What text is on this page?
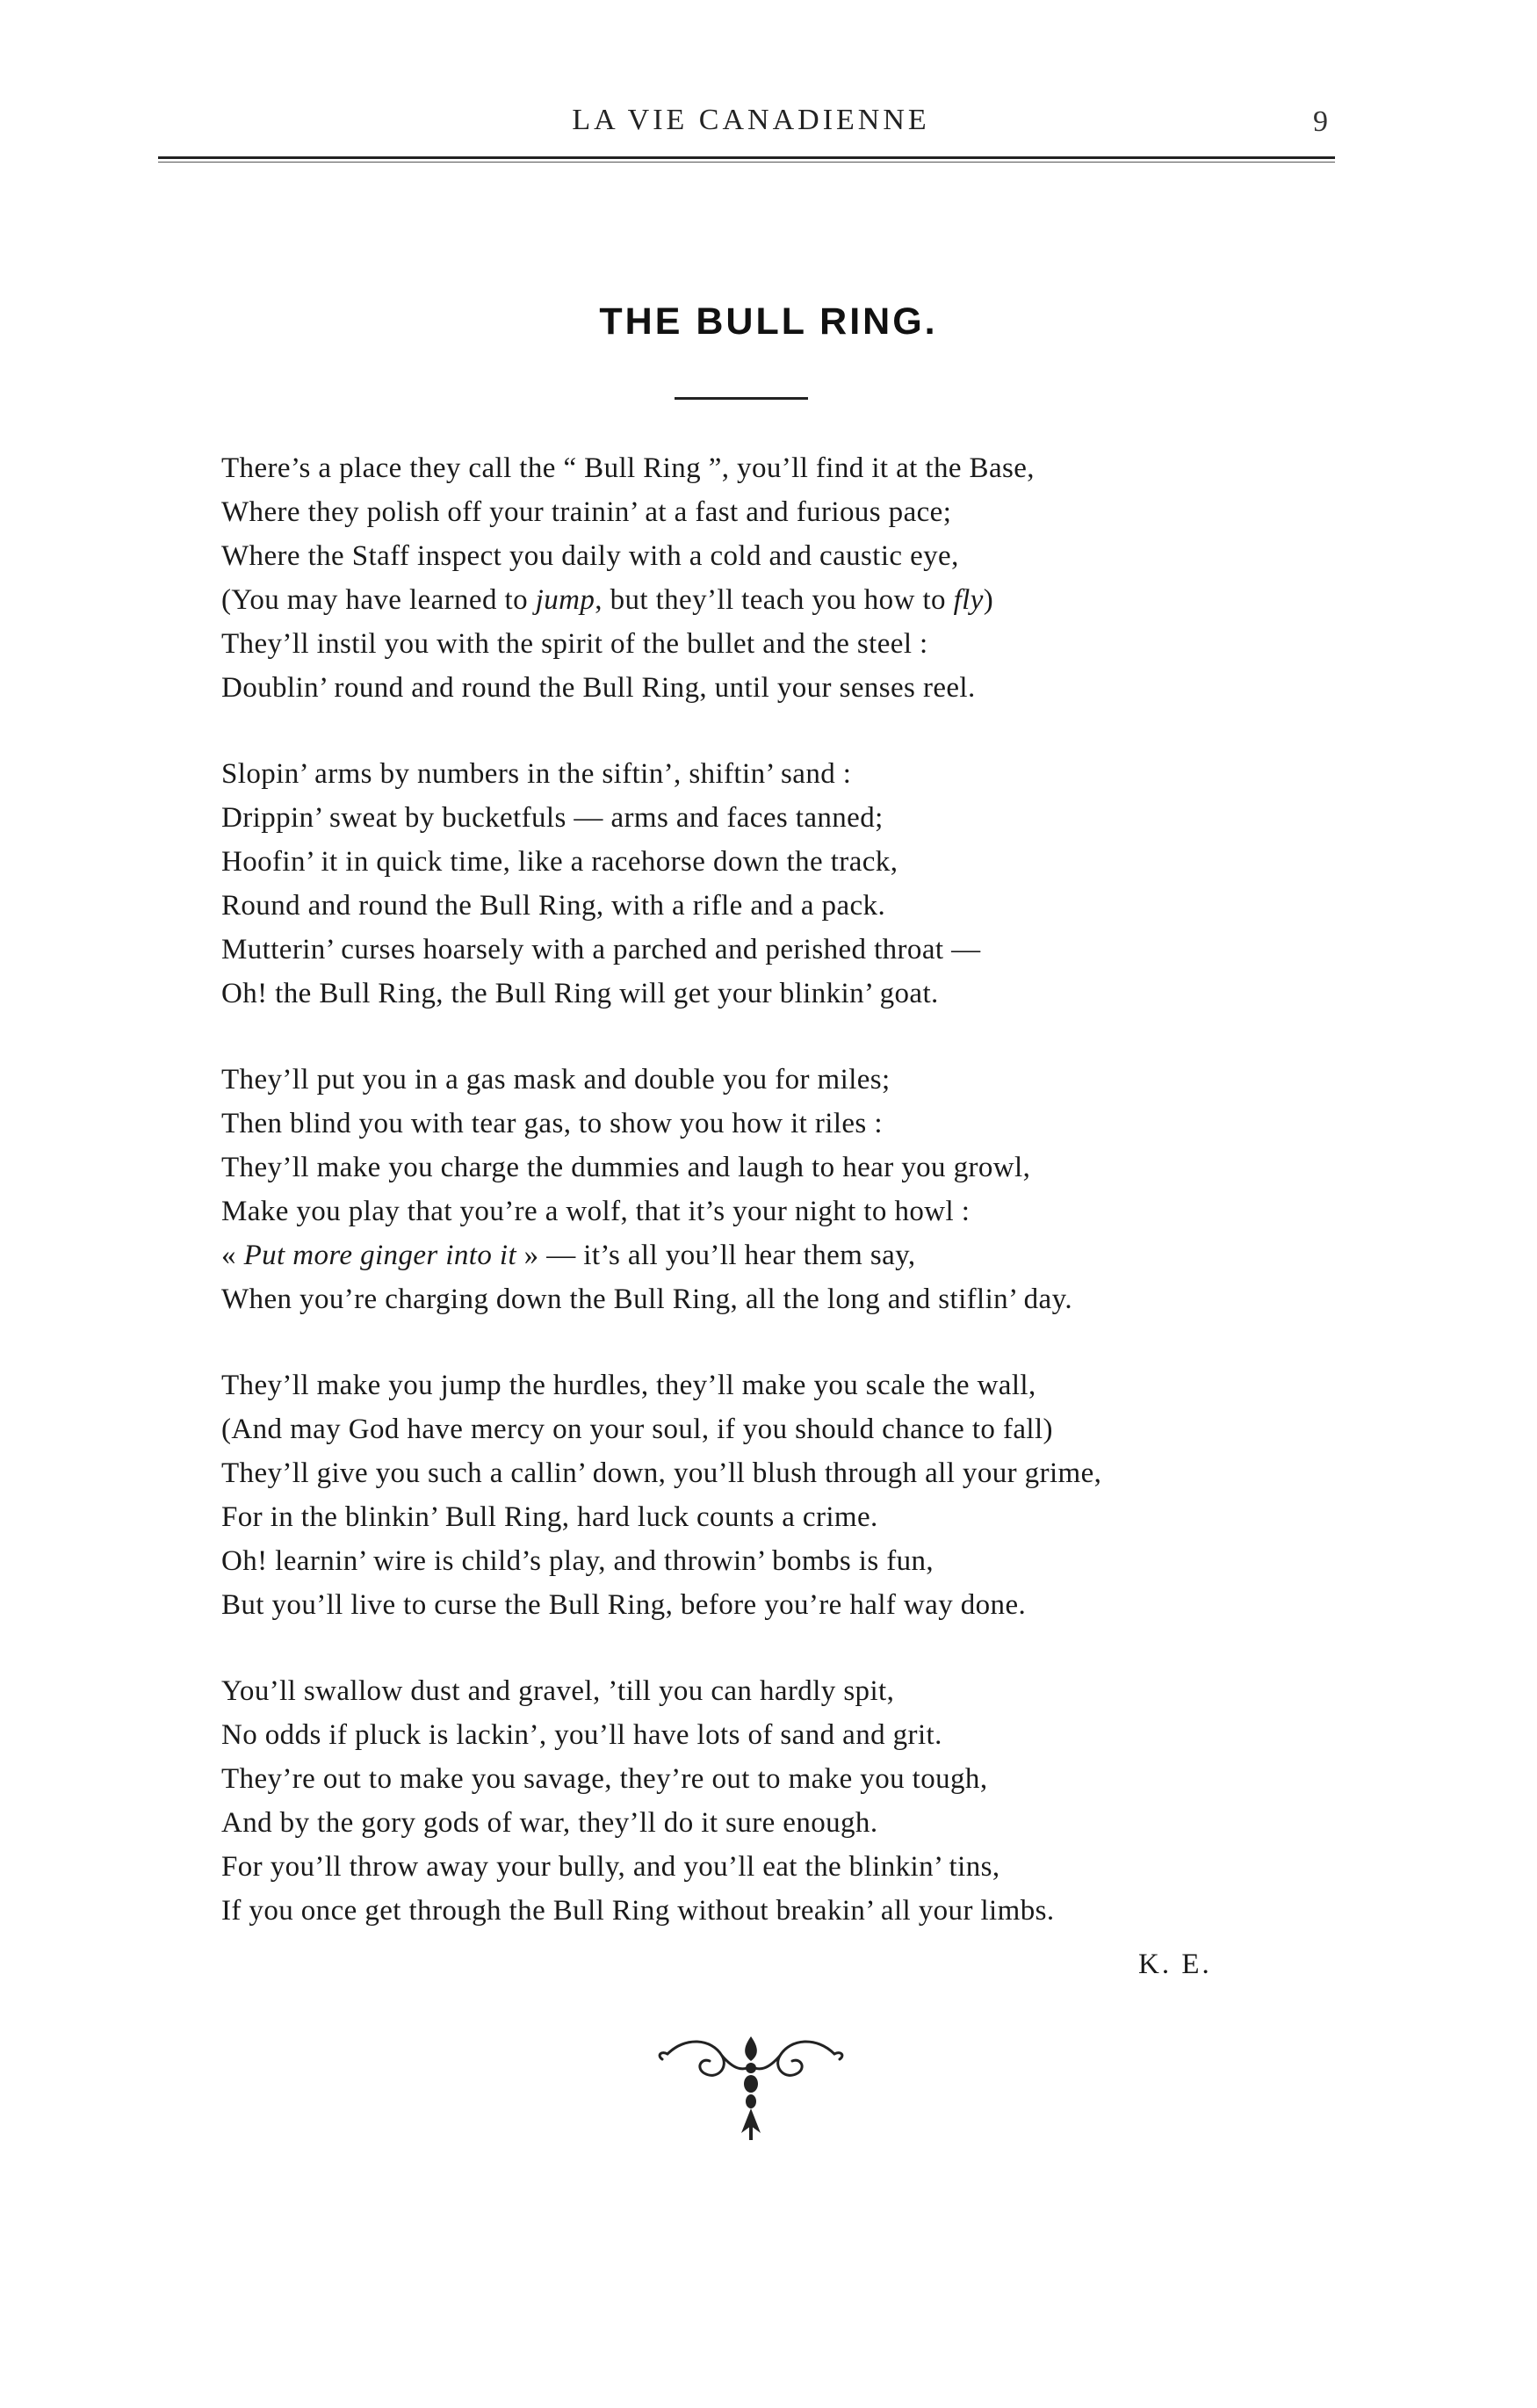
LA VIE CANADIENNE	9
THE BULL RING.
There’s a place they call the “ Bull Ring ”, you’ll find it at the Base,
Where they polish off your trainin’ at a fast and furious pace;
Where the Staff inspect you daily with a cold and caustic eye,
(You may have learned to jump, but they’ll teach you how to fly)
They’ll instil you with the spirit of the bullet and the steel :
Doublin’ round and round the Bull Ring, until your senses reel.
Slopin’ arms by numbers in the siftin’, shiftin’ sand :
Drippin’ sweat by bucketfuls — arms and faces tanned;
Hoofin’ it in quick time, like a racehorse down the track,
Round and round the Bull Ring, with a rifle and a pack.
Mutterin’ curses hoarsely with a parched and perished throat —
Oh! the Bull Ring, the Bull Ring will get your blinkin’ goat.
They’ll put you in a gas mask and double you for miles;
Then blind you with tear gas, to show you how it riles :
They’ll make you charge the dummies and laugh to hear you growl,
Make you play that you’re a wolf, that it’s your night to howl :
« Put more ginger into it » — it’s all you’ll hear them say,
When you’re charging down the Bull Ring, all the long and stiflin’ day.
They’ll make you jump the hurdles, they’ll make you scale the wall,
(And may God have mercy on your soul, if you should chance to fall)
They’ll give you such a callin’ down, you’ll blush through all your grime,
For in the blinkin’ Bull Ring, hard luck counts a crime.
Oh! learnin’ wire is child’s play, and throwin’ bombs is fun,
But you’ll live to curse the Bull Ring, before you’re half way done.
You’ll swallow dust and gravel, ’till you can hardly spit,
No odds if pluck is lackin’, you’ll have lots of sand and grit.
They’re out to make you savage, they’re out to make you tough,
And by the gory gods of war, they’ll do it sure enough.
For you’ll throw away your bully, and you’ll eat the blinkin’ tins,
If you once get through the Bull Ring without breakin’ all your limbs.
K. E.
